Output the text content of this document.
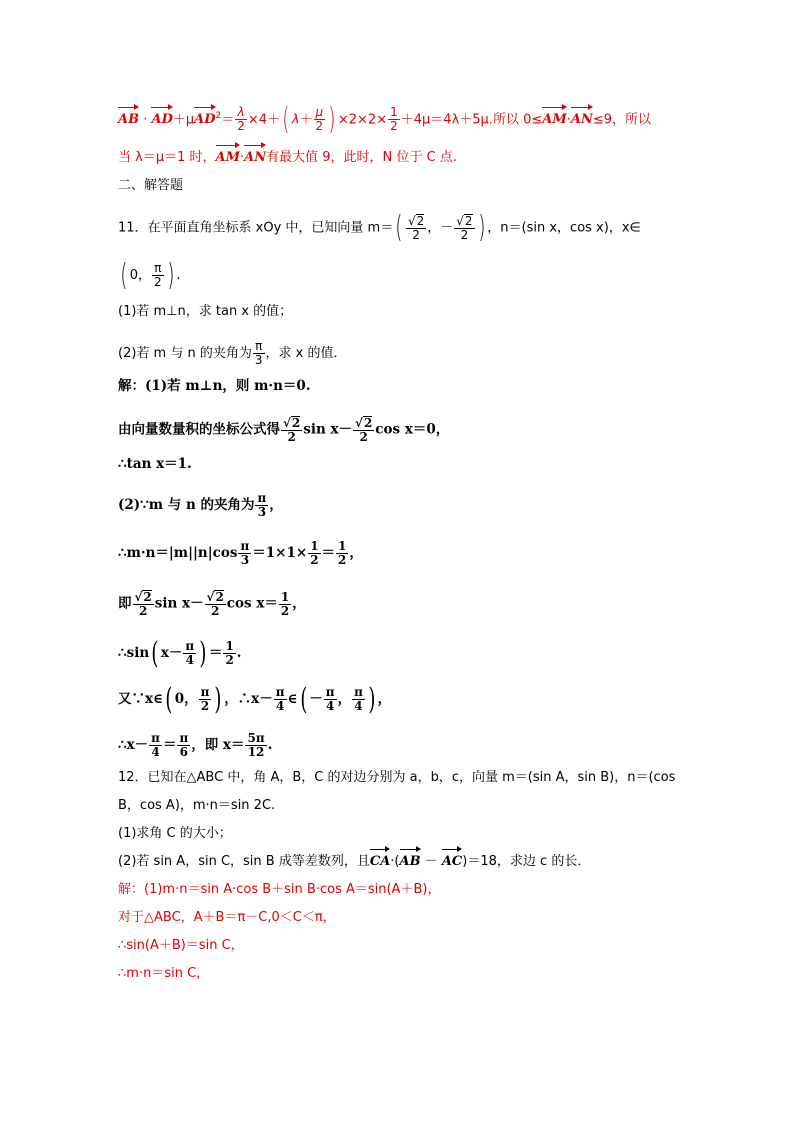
AB · $AD+\mu AD^2= \frac{\lambda}{2} \times 4+$( $\lambda+ \frac{\mu}{2}$ ) $\times 2\times 2\times \frac{1}{2} +4\mu=4\lambda+5\mu$.所以 0≤AM·AN≤9，所以
当 λ＝μ＝1 时，AM·AN有最大值 9，此时，N 位于 C 点.
二、解答题
11．在平面直角坐标系 xOy 中，已知向量 $m=( \frac{√2}{2}$ ，－ $\frac{√2}{2}$ ) ，n＝(sin x，cos x)，x∈
( 0， $\frac{\pi}{2}$ ) .
(1)若 m⊥n，求 tan x 的值；
(2)若 m 与 n 的夹角为 $\frac{\pi}{3}$ ，求 x 的值．
解：(1)若 m⊥n，则 m·n＝0.
由向量数量积的坐标公式得 $\frac{√2}{2}$ $\sin x- \frac{√2}{2}$ cos x＝0，
∴tan x＝1.
(2)∵m 与 n 的夹角为 $\frac{\pi}{3}$ ，
∴m·n＝|m||n|cos $\frac{\pi}{3} =1\times 1\times \frac{1}{2} = \frac{1}{2}$ ，
即 $\frac{√2}{2}$ $\sin x- \frac{√2}{2}$ $\cos x= \frac{1}{2}$ ，
∴sin( $x- \frac{\pi}{4}$ ) ＝ $\frac{1}{2}$ .
又∵x∈( 0， $\frac{\pi}{2}$ ) ，∴x－ $\frac{\pi}{4}$ ∈( － $\frac{\pi}{4}$ ， $\frac{\pi}{4}$ ) ，
∴x－ $\frac{\pi}{4} = \frac{\pi}{6}$ ，即 $x= \frac{5\pi}{12}$ .
12．已知在△ABC 中，角 A，B，C 的对边分别为 a，b，c，向量 m＝(sin A，sin B)，n＝(cos
B，cos A)，m·n＝sin 2C.
(1)求角 C 的大小；
(2)若 sin A，sin C，sin B 成等差数列，且CA·(AB － AC)＝18，求边 c 的长．
解：(1)m·n＝sin A·cos B＋sin B·cos A＝sin(A＋B)，
对于△ABC，A＋B＝π－C,0＜C＜π，
∴sin(A＋B)＝sin C，
∴m·n＝sin C，
